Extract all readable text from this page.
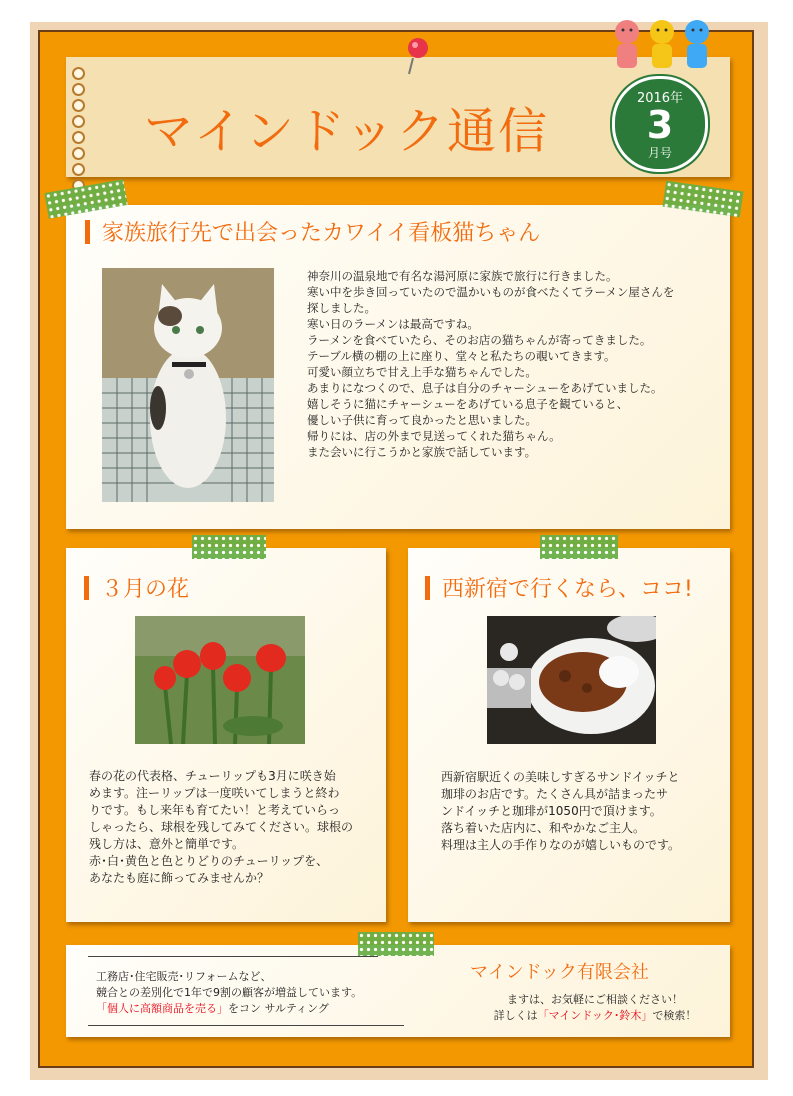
マインドック通信
2016年
3
月号
家族旅行先で出会ったカワイイ看板猫ちゃん
神奈川の温泉地で有名な湯河原に家族で旅行に行きました。
寒い中を歩き回っていたので温かいものが食べたくてラーメン屋さんを
探しました。
寒い日のラーメンは最高ですね。
ラーメンを食べていたら、そのお店の猫ちゃんが寄ってきました。
テーブル横の棚の上に座り、堂々と私たちの覗いてきます。
可愛い顔立ちで甘え上手な猫ちゃんでした。
あまりになつくので、息子は自分のチャーシューをあげていました。
嬉しそうに猫にチャーシューをあげている息子を観ていると、
優しい子供に育って良かったと思いました。
帰りには、店の外まで見送ってくれた猫ちゃん。
また会いに行こうかと家族で話しています。
３月の花
春の花の代表格、チューリップも3月に咲き始
めます。注ーリップは一度咲いてしまうと終わ
りです。もし来年も育てたい！と考えていらっ
しゃったら、球根を残してみてください。球根の
残し方は、意外と簡単です。
赤･白･黄色と色とりどりのチューリップを、
あなたも庭に飾ってみませんか？
西新宿で行くなら、ココ!
西新宿駅近くの美味しすぎるサンドイッチと
珈琲のお店です。たくさん具が詰まったサ
ンドイッチと珈琲が1050円で頂けます。
落ち着いた店内に、和やかなご主人。
料理は主人の手作りなのが嬉しいものです。
工務店･住宅販売･リフォームなど、
競合との差別化で1年で9割の顧客が増益しています。
「個人に高額商品を売る」をコン サルティング
マインドック有限会社
ますは、お気軽にご相談ください！
詳しくは「マインドック･鈴木」で検索！
